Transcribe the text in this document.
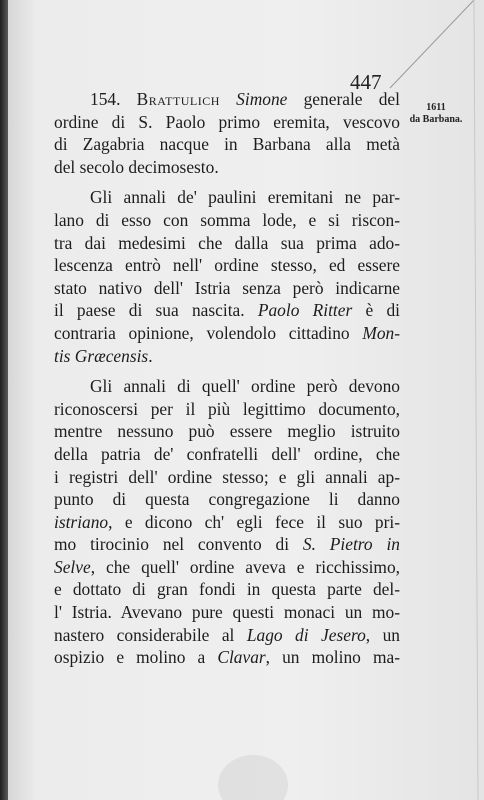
447
1611
da Barbana.

154. Brattulich Simone generale del
ordine di S. Paolo primo eremita, vescovo
di Zagabria nacque in Barbana alla metà
del secolo decimosesto.

Gli annali de' paulini eremitani ne par-
lano di esso con somma lode, e si riscon-
tra dai medesimi che dalla sua prima ado-
lescenza entrò nell' ordine stesso, ed essere
stato nativo dell' Istria senza però indicarne
il paese di sua nascita. Paolo Ritter è di
contraria opinione, volendolo cittadino Mon-
tis Græcensis.

Gli annali di quell' ordine però devono
riconoscersi per il più legittimo documento,
mentre nessuno può essere meglio istruito
della patria de' confratelli dell' ordine, che
i registri dell' ordine stesso; e gli annali ap-
punto di questa congregazione li danno
istriano, e dicono ch' egli fece il suo pri-
mo tirocinio nel convento di S. Pietro in
Selve, che quell' ordine aveva e ricchissimo,
e dottato di gran fondi in questa parte del-
l' Istria. Avevano pure questi monaci un mo-
nastero considerabile al Lago di Jesero, un
ospizio e molino a Clavar, un molino ma-
